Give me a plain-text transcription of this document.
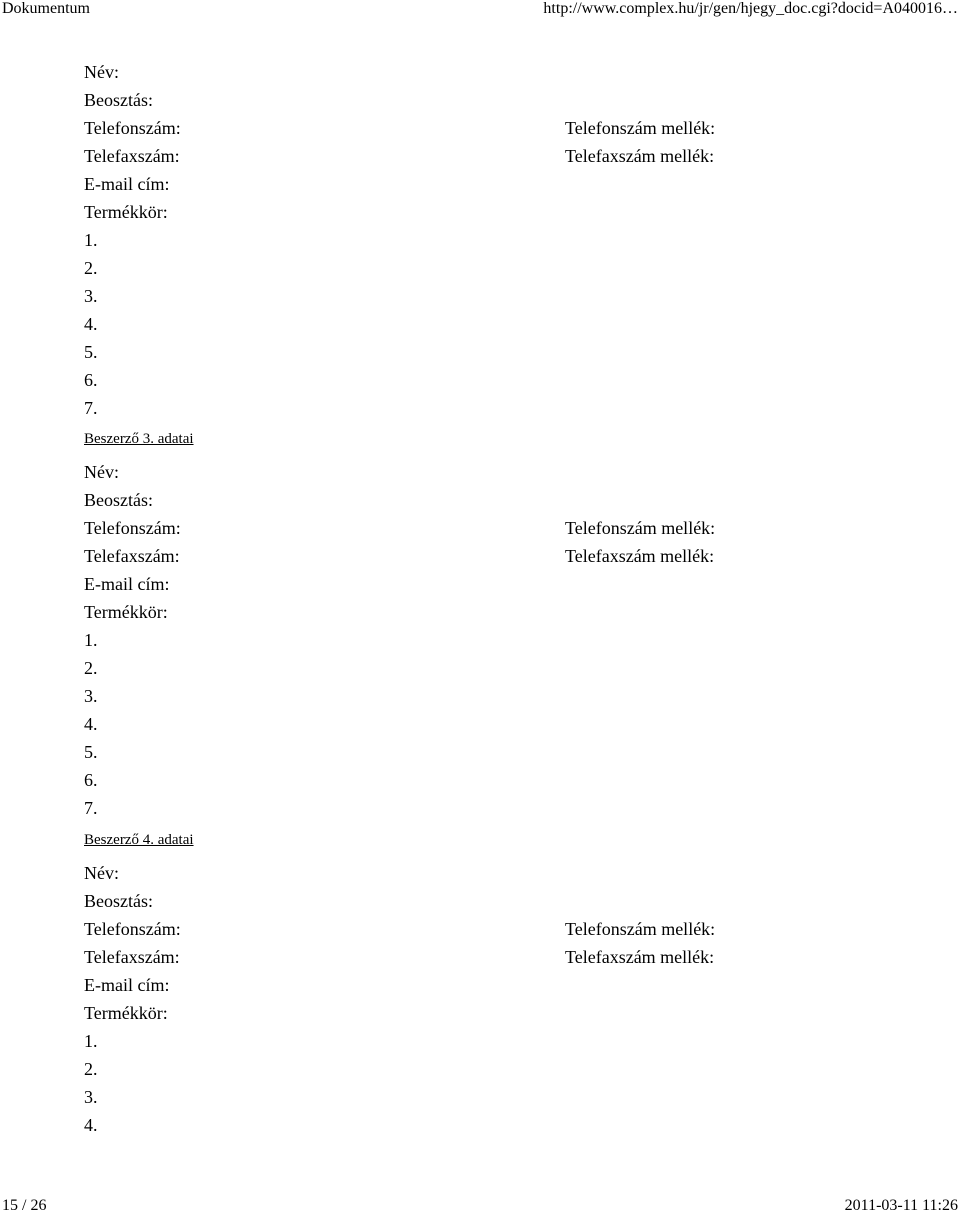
Dokumentum	http://www.complex.hu/jr/gen/hjegy_doc.cgi?docid=A040016…
Név:
Beosztás:
Telefonszám:	Telefonszám mellék:
Telefaxszám:	Telefaxszám mellék:
E-mail cím:
Termékkör:
1.
2.
3.
4.
5.
6.
7.
Beszerző 3. adatai
Név:
Beosztás:
Telefonszám:	Telefonszám mellék:
Telefaxszám:	Telefaxszám mellék:
E-mail cím:
Termékkör:
1.
2.
3.
4.
5.
6.
7.
Beszerző 4. adatai
Név:
Beosztás:
Telefonszám:	Telefonszám mellék:
Telefaxszám:	Telefaxszám mellék:
E-mail cím:
Termékkör:
1.
2.
3.
4.
15 / 26	2011-03-11 11:26
